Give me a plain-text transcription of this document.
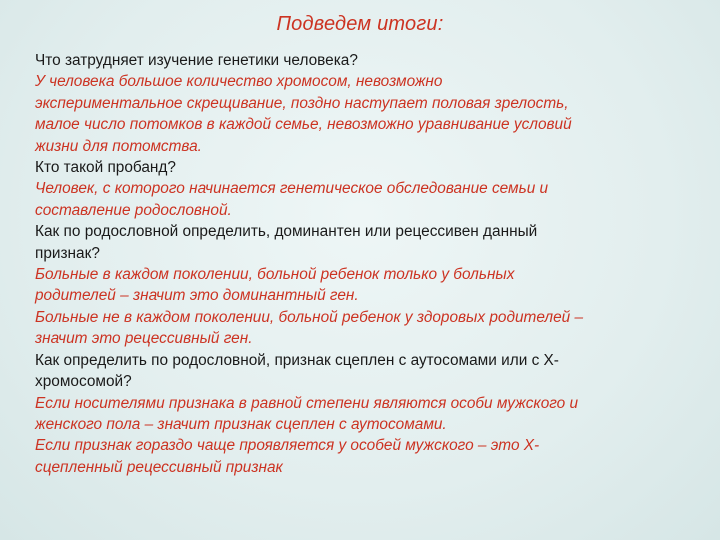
Подведем итоги:
Что затрудняет изучение генетики человека?
У человека большое количество хромосом, невозможно
экспериментальное скрещивание, поздно наступает половая зрелость,
малое число потомков в каждой семье, невозможно уравнивание условий
жизни для потомства.
Кто такой пробанд?
Человек, с которого начинается генетическое обследование семьи и
составление родословной.
Как по родословной определить, доминантен или рецессивен данный
признак?
Больные в каждом поколении, больной ребенок только у больных
родителей – значит это доминантный ген.
Больные не в каждом поколении, больной ребенок у здоровых родителей –
значит это рецессивный ген.
Как определить по родословной, признак сцеплен с аутосомами или с Х-
хромосомой?
Если носителями признака в равной степени являются особи мужского и
женского пола – значит признак сцеплен с аутосомами.
Если признак гораздо чаще проявляется у особей мужского – это Х-
сцепленный рецессивный признак
